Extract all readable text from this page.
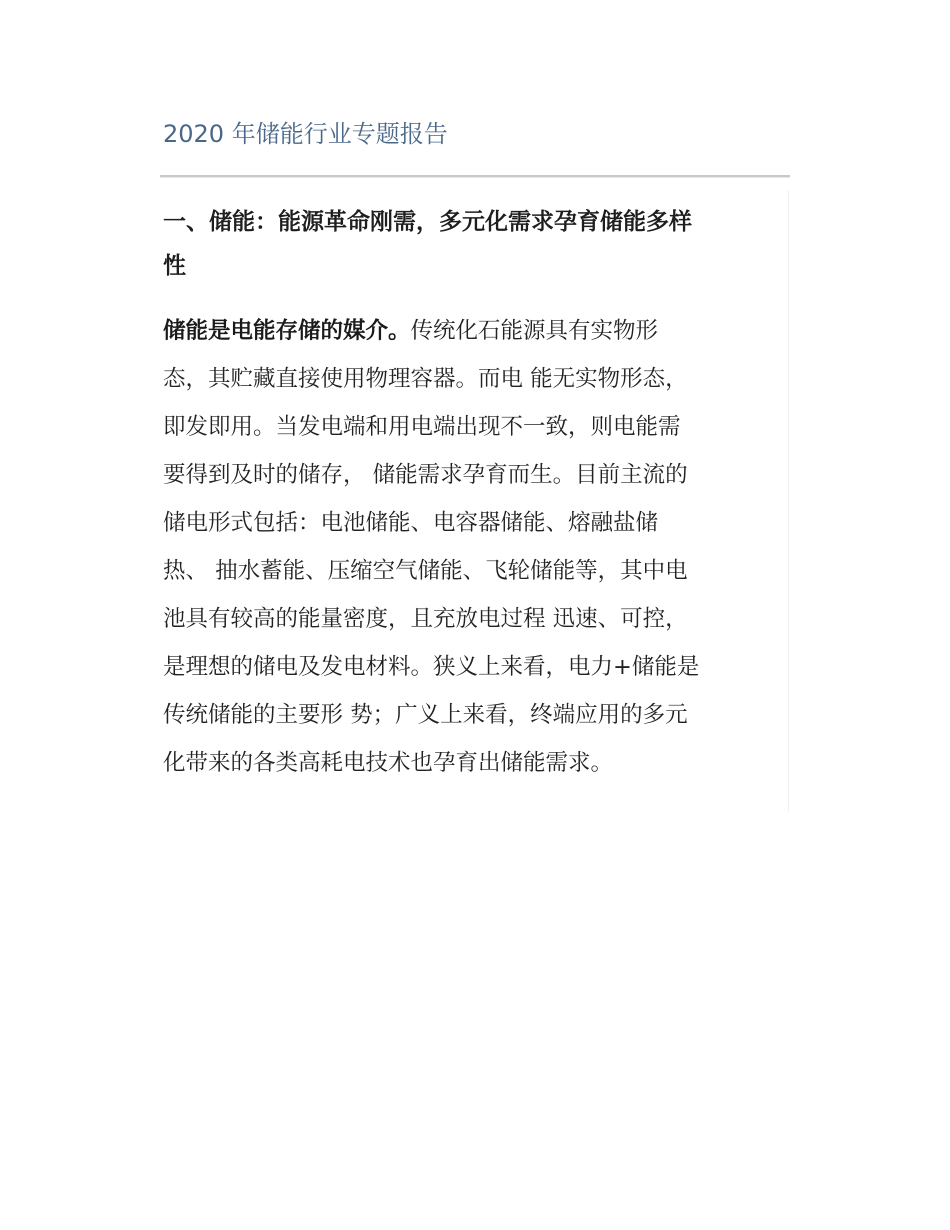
2020 年储能行业专题报告
一、储能：能源革命刚需，多元化需求孕育储能多样
性

储能是电能存储的媒介。传统化石能源具有实物形
态，其贮藏直接使用物理容器。而电 能无实物形态，
即发即用。当发电端和用电端出现不一致，则电能需
要得到及时的储存， 储能需求孕育而生。目前主流的
储电形式包括：电池储能、电容器储能、熔融盐储
热、 抽水蓄能、压缩空气储能、飞轮储能等，其中电
池具有较高的能量密度，且充放电过程 迅速、可控，
是理想的储电及发电材料。狭义上来看，电力+储能是
传统储能的主要形 势；广义上来看，终端应用的多元
化带来的各类高耗电技术也孕育出储能需求。
